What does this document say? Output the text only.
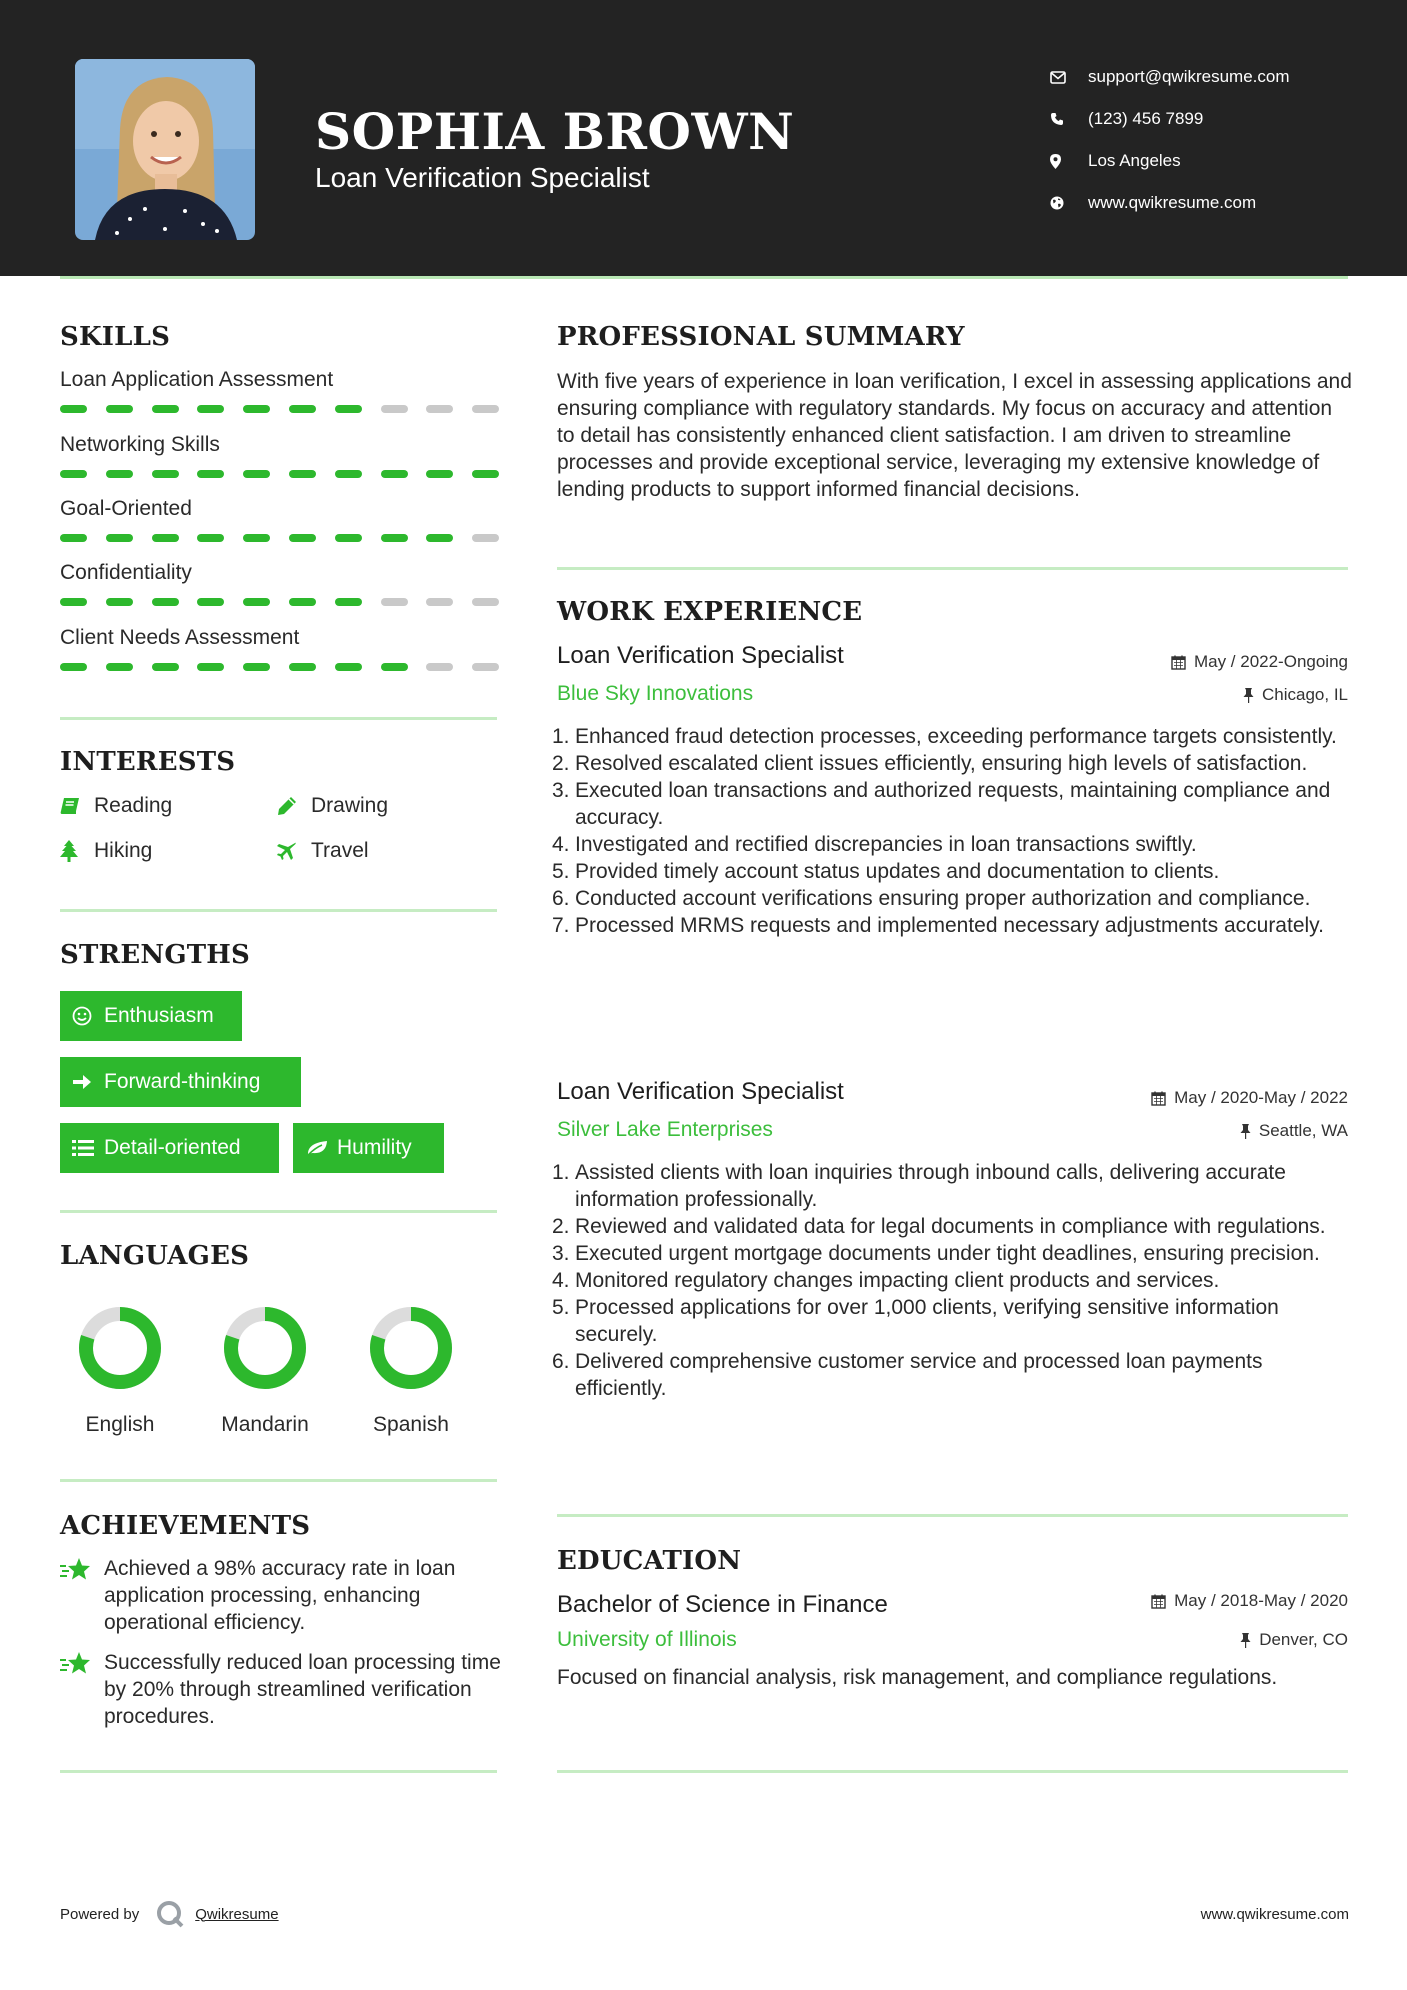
SOPHIA BROWN
Loan Verification Specialist
support@qwikresume.com
(123) 456 7899
Los Angeles
www.qwikresume.com
SKILLS
Loan Application Assessment
Networking Skills
Goal-Oriented
Confidentiality
Client Needs Assessment
INTERESTS
Reading	Drawing
Hiking	Travel
STRENGTHS
Enthusiasm
Forward-thinking
Detail-oriented	Humility
LANGUAGES
English	Mandarin	Spanish
ACHIEVEMENTS
Achieved a 98% accuracy rate in loan application processing, enhancing operational efficiency.
Successfully reduced loan processing time by 20% through streamlined verification procedures.
PROFESSIONAL SUMMARY
With five years of experience in loan verification, I excel in assessing applications and ensuring compliance with regulatory standards. My focus on accuracy and attention to detail has consistently enhanced client satisfaction. I am driven to streamline processes and provide exceptional service, leveraging my extensive knowledge of lending products to support informed financial decisions.
WORK EXPERIENCE
Loan Verification Specialist	May / 2022-Ongoing
Blue Sky Innovations	Chicago, IL
1. Enhanced fraud detection processes, exceeding performance targets consistently.
2. Resolved escalated client issues efficiently, ensuring high levels of satisfaction.
3. Executed loan transactions and authorized requests, maintaining compliance and accuracy.
4. Investigated and rectified discrepancies in loan transactions swiftly.
5. Provided timely account status updates and documentation to clients.
6. Conducted account verifications ensuring proper authorization and compliance.
7. Processed MRMS requests and implemented necessary adjustments accurately.
Loan Verification Specialist	May / 2020-May / 2022
Silver Lake Enterprises	Seattle, WA
1. Assisted clients with loan inquiries through inbound calls, delivering accurate information professionally.
2. Reviewed and validated data for legal documents in compliance with regulations.
3. Executed urgent mortgage documents under tight deadlines, ensuring precision.
4. Monitored regulatory changes impacting client products and services.
5. Processed applications for over 1,000 clients, verifying sensitive information securely.
6. Delivered comprehensive customer service and processed loan payments efficiently.
EDUCATION
Bachelor of Science in Finance	May / 2018-May / 2020
University of Illinois	Denver, CO
Focused on financial analysis, risk management, and compliance regulations.
Powered by	Qwikresume	www.qwikresume.com
